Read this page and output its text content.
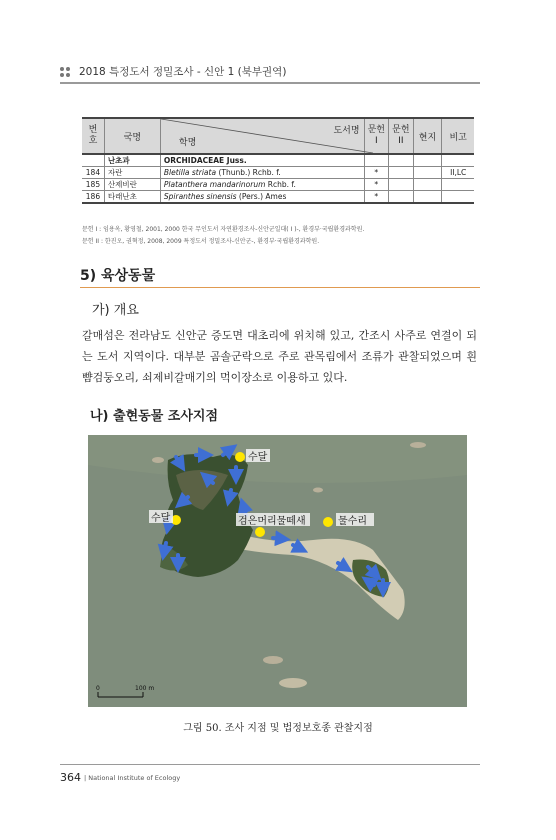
2018 특정도서 정밀조사 - 신안 1 (북부권역)
번호	국명	도서명
학명	문헌 I	문헌 II	현지	비고
	난초과	ORCHIDACEAE Juss.				
184	자란	Bletilla striata (Thunb.) Rchb. f.	*			II,LC
185	산제비란	Platanthera mandarinorum Rchb. f.	*			
186	타래난초	Spiranthes sinensis (Pers.) Ames	*			
문헌 I : 임용옥, 황영철, 2001, 2000 한국 무인도서 자연환경조사-신안군일대( I )-, 환경부·국립환경과학원.
문헌 II : 한진오, 권혁정, 2008, 2009 특정도서 정밀조사-신안군-, 환경부·국립환경과학원.
5) 육상동물
가) 개요
갈매섬은 전라남도 신안군 증도면 대초리에 위치해 있고, 간조시 사주로 연결이 되는 도서 지역이다. 대부분 곰솔군락으로 주로 관목림에서 조류가 관찰되었으며 흰뺨검둥오리, 쇠제비갈매기의 먹이장소로 이용하고 있다.
나) 출현동물 조사지점
수달
수달	검은머리물떼새	물수리
0	100 m
그림 50. 조사 지점 및 법정보호종 관찰지점
364 | National Institute of Ecology
